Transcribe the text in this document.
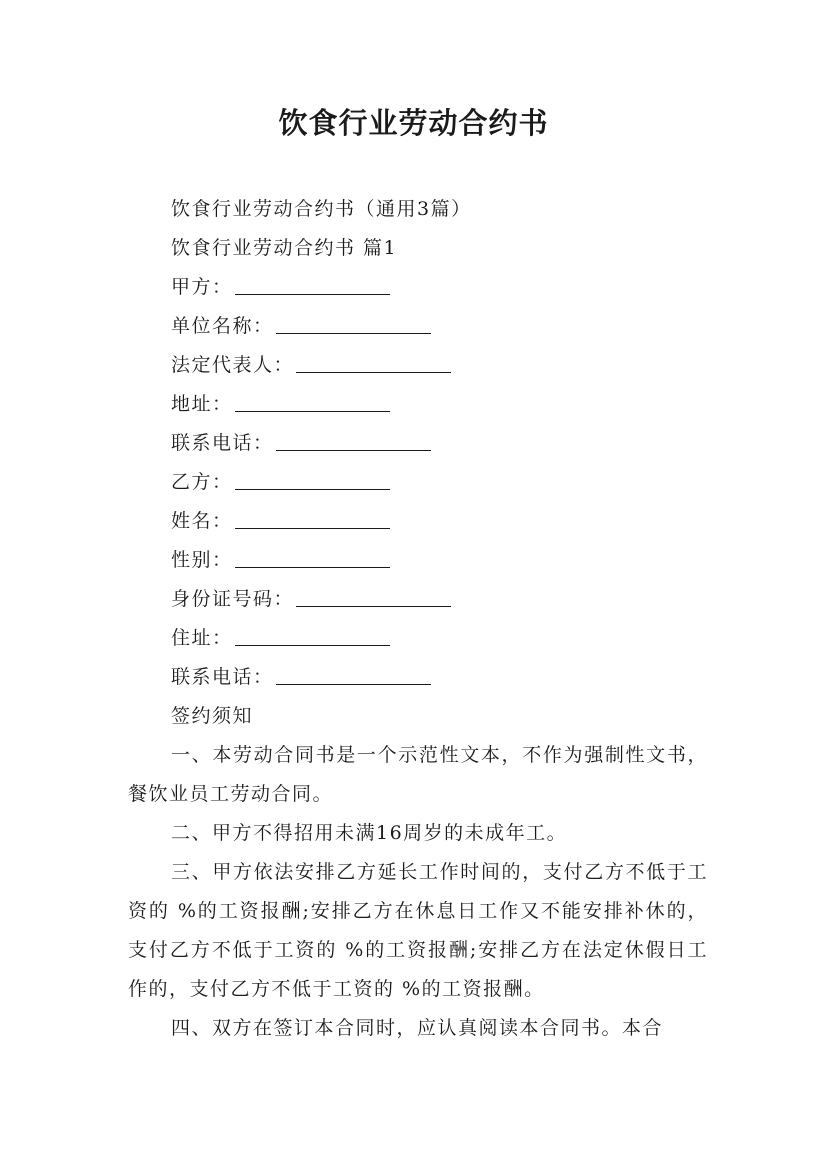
饮食行业劳动合约书

饮食行业劳动合约书（通用3篇）

饮食行业劳动合约书 篇1

甲方：

单位名称：

法定代表人：

地址：

联系电话：

乙方：

姓名：

性别：

身份证号码：

住址：

联系电话：

签约须知

一、本劳动合同书是一个示范性文本，不作为强制性文书，餐饮业员工劳动合同。

二、甲方不得招用未满16周岁的未成年工。

三、甲方依法安排乙方延长工作时间的，支付乙方不低于工资的 %的工资报酬;安排乙方在休息日工作又不能安排补休的，支付乙方不低于工资的 %的工资报酬;安排乙方在法定休假日工作的，支付乙方不低于工资的 %的工资报酬。

四、双方在签订本合同时，应认真阅读本合同书。本合
